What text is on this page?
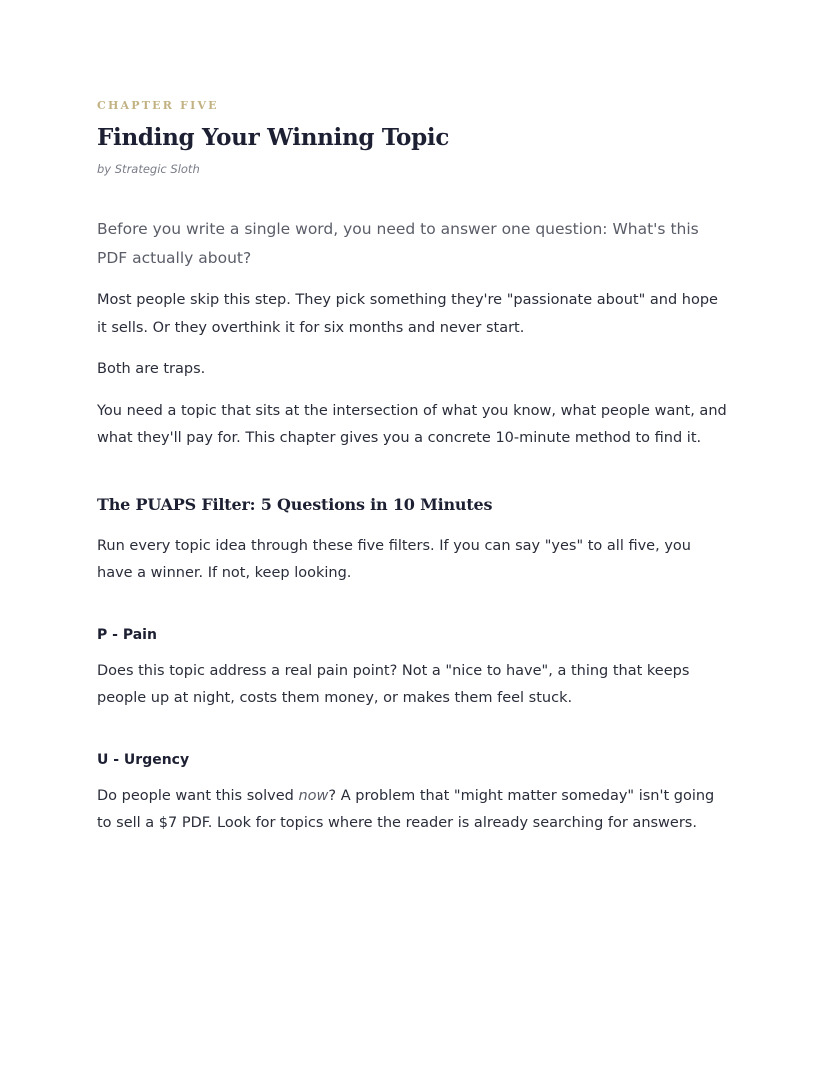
CHAPTER FIVE
Finding Your Winning Topic
by Strategic Sloth

Before you write a single word, you need to answer one question: What's this PDF actually about?

Most people skip this step. They pick something they're "passionate about" and hope it sells. Or they overthink it for six months and never start.

Both are traps.

You need a topic that sits at the intersection of what you know, what people want, and what they'll pay for. This chapter gives you a concrete 10-minute method to find it.

The PUAPS Filter: 5 Questions in 10 Minutes

Run every topic idea through these five filters. If you can say "yes" to all five, you have a winner. If not, keep looking.

P - Pain

Does this topic address a real pain point? Not a "nice to have", a thing that keeps people up at night, costs them money, or makes them feel stuck.

U - Urgency

Do people want this solved now? A problem that "might matter someday" isn't going to sell a $7 PDF. Look for topics where the reader is already searching for answers.
